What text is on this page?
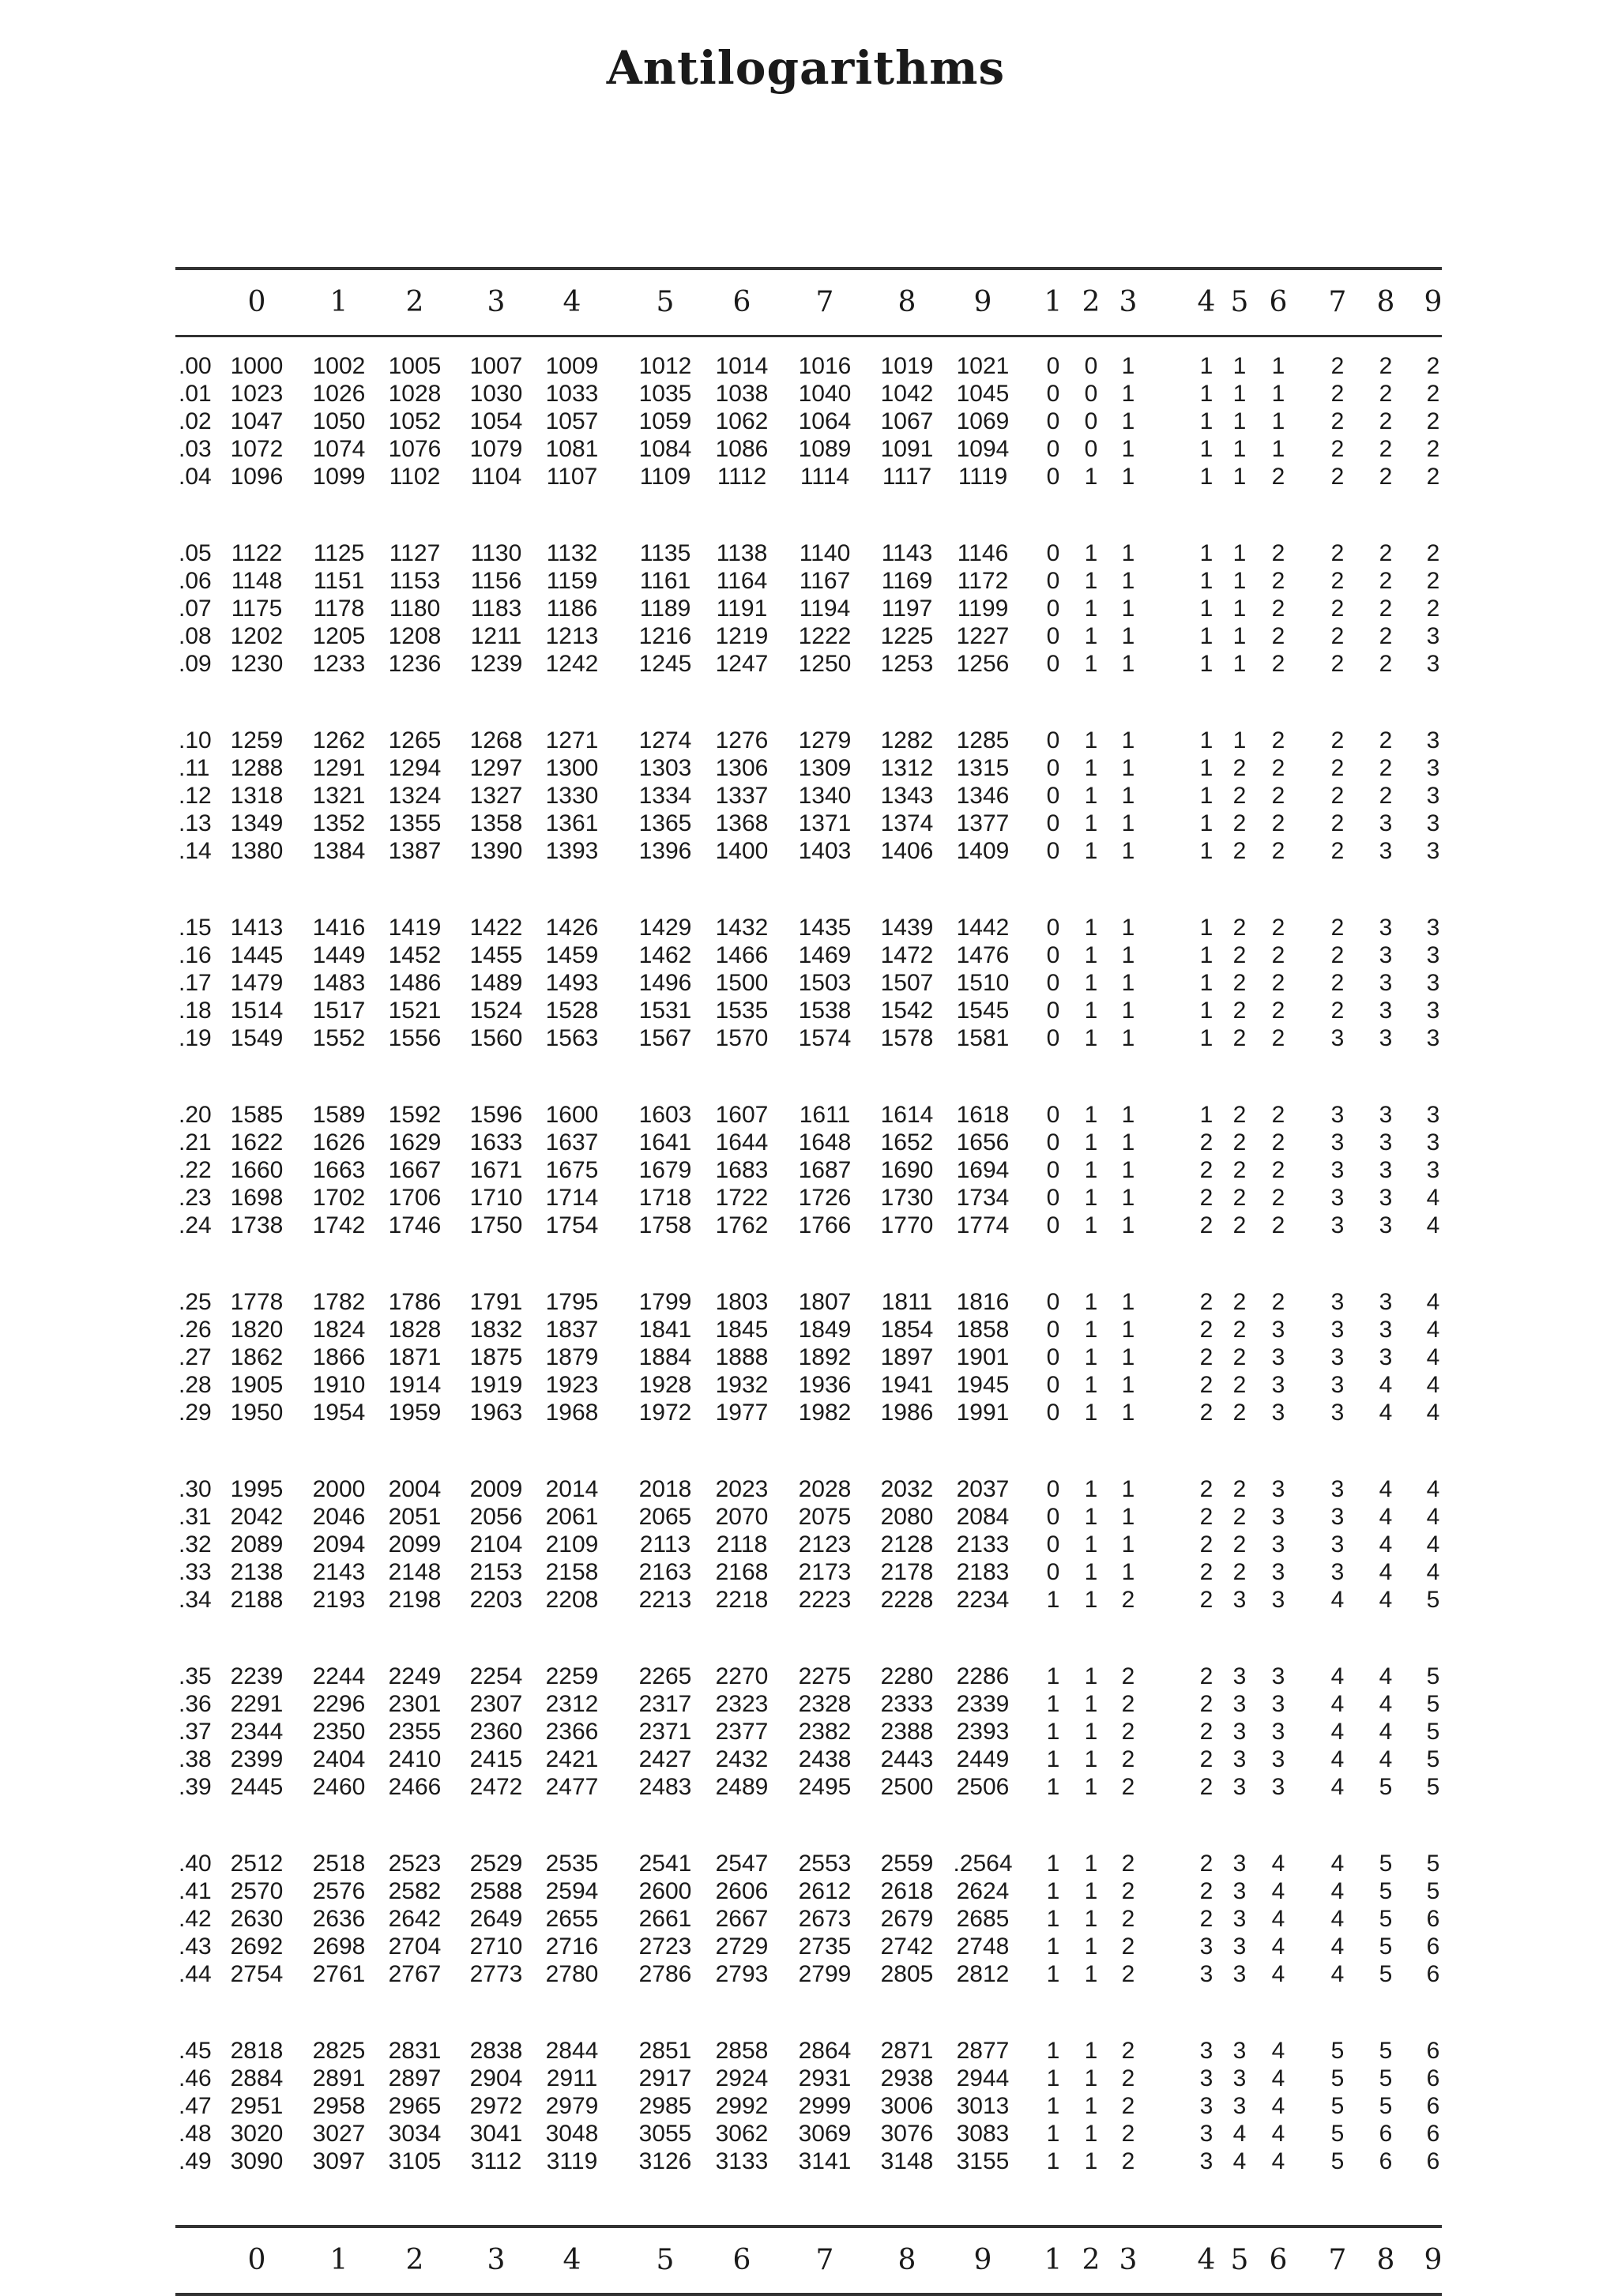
Antilogarithms
0 1 2 3 4	5 6 7 8 9 1 2 3 4 5 6 7 8 9
.00 1000 1002 1005 1007 1009 1012 1014 1016 1019 1021 0 0 1	1 1 1 2 2 2
.01 1023 1026 1028 1030 1033 1035 1038 1040 1042 1045 0 0 1	1 1 1 2 2 2
.02 1047 1050 1052 1054 1057 1059 1062 1064 1067 1069 0 0 1	1 1 1 2 2 2
.03 1072 1074 1076 1079 1081 1084 1086 1089 1091 1094 0 0 1	1 1 1 2 2 2
.04 1096 1099 1102 1104 1107 1109 1112 1114 1117 1119 0 1 1	1 1 2 2 2 2
.05 1122 1125 1127 1130 1132 1135 1138 1140 1143 1146 0 1 1	1 1 2 2 2 2
.06 1148 1151 1153 1156 1159 1161 1164 1167 1169 1172 0 1 1	1 1 2 2 2 2
.07 1175 1178 1180 1183 1186 1189 1191 1194 1197 1199 0 1 1	1 1 2 2 2 2
.08 1202 1205 1208 1211 1213 1216 1219 1222 1225 1227 0 1 1	1 1 2 2 2 3
.09 1230 1233 1236 1239 1242 1245 1247 1250 1253 1256 0 1 1	1 1 2 2 2 3
.10 1259 1262 1265 1268 1271 1274 1276 1279 1282 1285 0 1 1	1 1 2 2 2 3
.11 1288 1291 1294 1297 1300 1303 1306 1309 1312 1315 0 1 1	1 2 2 2 2 3
.12 1318 1321 1324 1327 1330 1334 1337 1340 1343 1346 0 1 1	1 2 2 2 2 3
.13 1349 1352 1355 1358 1361 1365 1368 1371 1374 1377 0 1 1	1 2 2 2 3 3
.14 1380 1384 1387 1390 1393 1396 1400 1403 1406 1409 0 1 1	1 2 2 2 3 3
.15 1413 1416 1419 1422 1426 1429 1432 1435 1439 1442 0 1 1	1 2 2 2 3 3
.16 1445 1449 1452 1455 1459 1462 1466 1469 1472 1476 0 1 1	1 2 2 2 3 3
.17 1479 1483 1486 1489 1493 1496 1500 1503 1507 1510 0 1 1	1 2 2 2 3 3
.18 1514 1517 1521 1524 1528 1531 1535 1538 1542 1545 0 1 1	1 2 2 2 3 3
.19 1549 1552 1556 1560 1563 1567 1570 1574 1578 1581 0 1 1	1 2 2 3 3 3
.20 1585 1589 1592 1596 1600 1603 1607 1611 1614 1618 0 1 1	1 2 2 3 3 3
.21 1622 1626 1629 1633 1637 1641 1644 1648 1652 1656 0 1 1	2 2 2 3 3 3
.22 1660 1663 1667 1671 1675 1679 1683 1687 1690 1694 0 1 1	2 2 2 3 3 3
.23 1698 1702 1706 1710 1714 1718 1722 1726 1730 1734 0 1 1	2 2 2 3 3 4
.24 1738 1742 1746 1750 1754 1758 1762 1766 1770 1774 0 1 1	2 2 2 3 3 4
.25 1778 1782 1786 1791 1795 1799 1803 1807 1811 1816 0 1 1	2 2 2 3 3 4
.26 1820 1824 1828 1832 1837 1841 1845 1849 1854 1858 0 1 1	2 2 3 3 3 4
.27 1862 1866 1871 1875 1879 1884 1888 1892 1897 1901 0 1 1	2 2 3 3 3 4
.28 1905 1910 1914 1919 1923 1928 1932 1936 1941 1945 0 1 1	2 2 3 3 4 4
.29 1950 1954 1959 1963 1968 1972 1977 1982 1986 1991 0 1 1	2 2 3 3 4 4
.30 1995 2000 2004 2009 2014 2018 2023 2028 2032 2037 0 1 1	2 2 3 3 4 4
.31 2042 2046 2051 2056 2061 2065 2070 2075 2080 2084 0 1 1	2 2 3 3 4 4
.32 2089 2094 2099 2104 2109 2113 2118 2123 2128 2133 0 1 1	2 2 3 3 4 4
.33 2138 2143 2148 2153 2158 2163 2168 2173 2178 2183 0 1 1	2 2 3 3 4 4
.34 2188 2193 2198 2203 2208 2213 2218 2223 2228 2234 1 1 2	2 3 3 4 4 5
.35 2239 2244 2249 2254 2259 2265 2270 2275 2280 2286 1 1 2	2 3 3 4 4 5
.36 2291 2296 2301 2307 2312 2317 2323 2328 2333 2339 1 1 2	2 3 3 4 4 5
.37 2344 2350 2355 2360 2366 2371 2377 2382 2388 2393 1 1 2	2 3 3 4 4 5
.38 2399 2404 2410 2415 2421 2427 2432 2438 2443 2449 1 1 2	2 3 3 4 4 5
.39 2445 2460 2466 2472 2477 2483 2489 2495 2500 2506 1 1 2	2 3 3 4 5 5
.40 2512 2518 2523 2529 2535 2541 2547 2553 2559 .2564 1 1 2	2 3 4 4 5 5
.41 2570 2576 2582 2588 2594 2600 2606 2612 2618 2624 1 1 2	2 3 4 4 5 5
.42 2630 2636 2642 2649 2655 2661 2667 2673 2679 2685 1 1 2	2 3 4 4 5 6
.43 2692 2698 2704 2710 2716 2723 2729 2735 2742 2748 1 1 2	3 3 4 4 5 6
.44 2754 2761 2767 2773 2780 2786 2793 2799 2805 2812 1 1 2	3 3 4 4 5 6
.45 2818 2825 2831 2838 2844 2851 2858 2864 2871 2877 1 1 2	3 3 4 5 5 6
.46 2884 2891 2897 2904 2911 2917 2924 2931 2938 2944 1 1 2	3 3 4 5 5 6
.47 2951 2958 2965 2972 2979 2985 2992 2999 3006 3013 1 1 2	3 3 4 5 5 6
.48 3020 3027 3034 3041 3048 3055 3062 3069 3076 3083 1 1 2	3 4 4 5 6 6
.49 3090 3097 3105 3112 3119 3126 3133 3141 3148 3155 1 1 2	3 4 4 5 6 6
0 1 2 3 4	5 6 7 8 9 1 2 3 4 5 6 7 8 9
